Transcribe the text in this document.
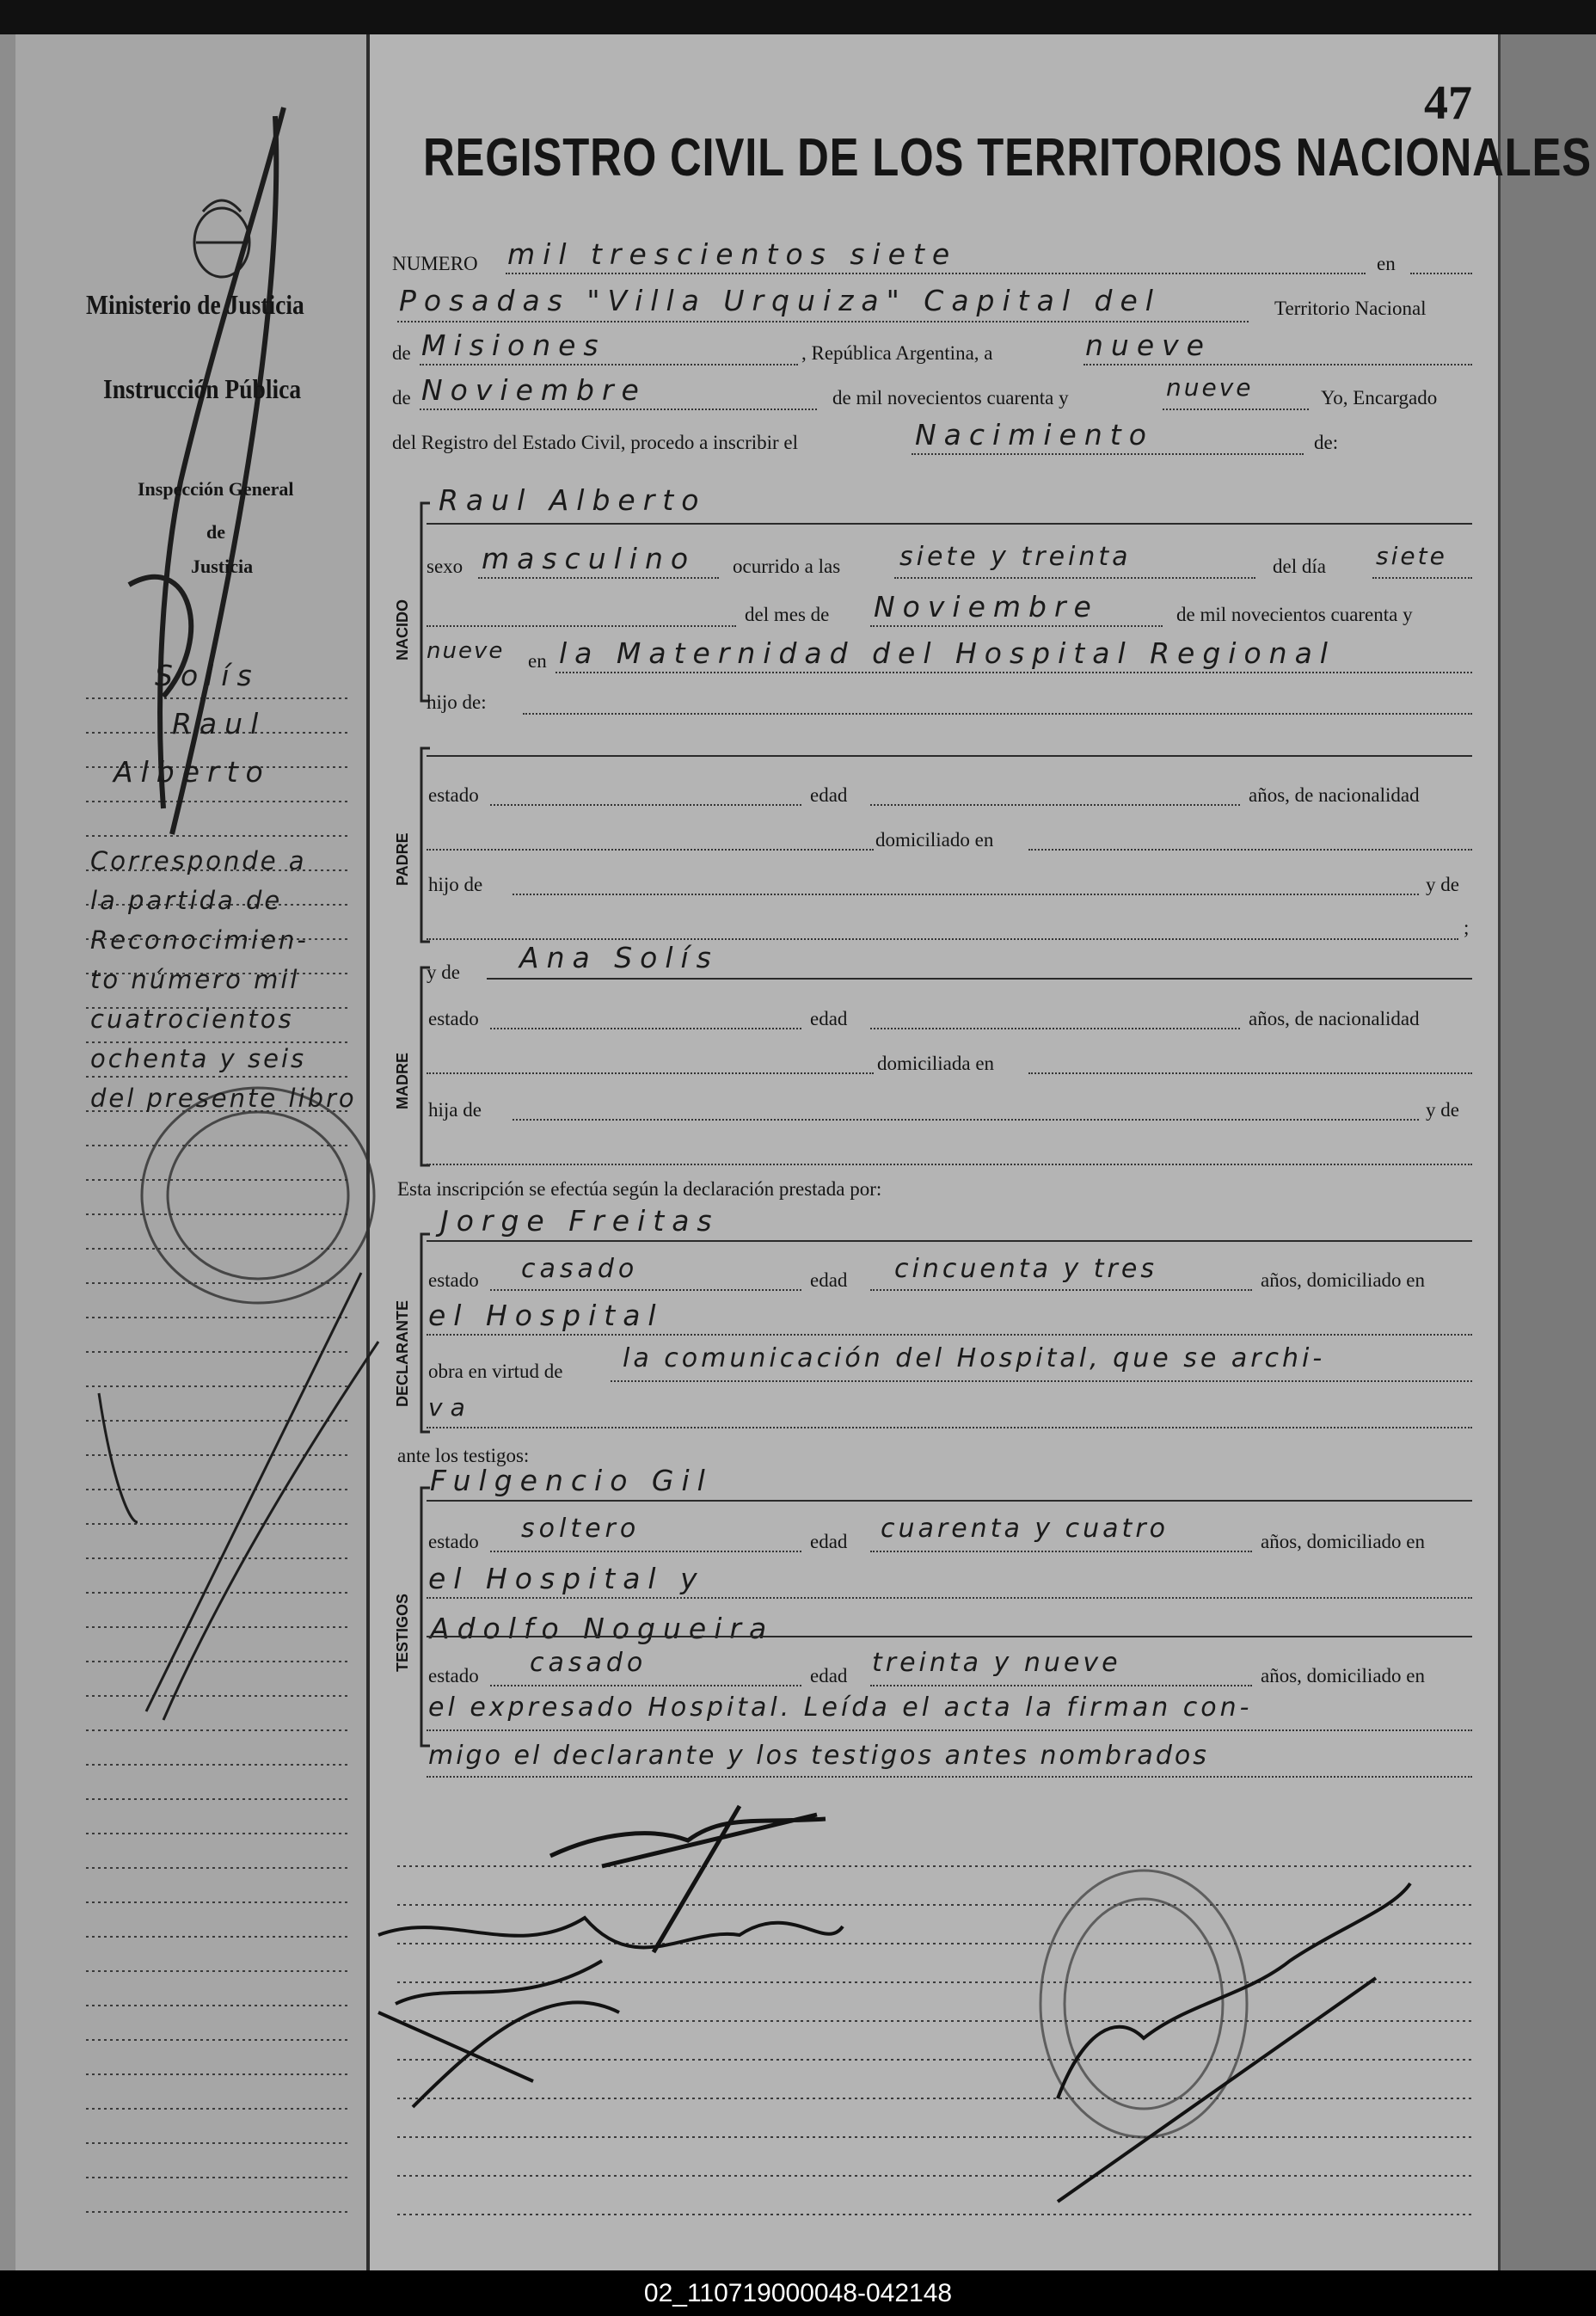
47
REGISTRO CIVIL DE LOS TERRITORIOS NACIONALES
Ministerio de Justicia
Instrucción Pública
Inspección General
de
Justicia
Solís
Raul
Alberto
Corresponde a
la partida de
Reconocimien-
to número mil
cuatrocientos
ochenta y seis
del presente libro
NUMERO mil trescientos siete	en
Posadas "Villa Urquiza" Capital del	Territorio Nacional
de Misiones	, República Argentina, a	nueve
de Noviembre	de mil novecientos cuarenta y	nueve	Yo, Encargado
del Registro del Estado Civil, procedo a inscribir el	Nacimiento	de:
NACIDO
Raul Alberto
sexo masculino ocurrido a las siete y treinta	del día siete
del mes de Noviembre	de mil novecientos cuarenta y
nueve en la Maternidad del Hospital Regional
hijo de:
PADRE
estado	edad	años, de nacionalidad
domiciliado en
hijo de	y de
;
y de Ana Solís
MADRE
estado	edad	años, de nacionalidad
domiciliada en
hija de	y de
Esta inscripción se efectúa según la declaración prestada por:
Jorge Freitas
DECLARANTE
estado casado	edad cincuenta y tres	años, domiciliado en
el Hospital
obra en virtud de la comunicación del Hospital, que se archi-
va
ante los testigos:
Fulgencio Gil
TESTIGOS
estado soltero	edad cuarenta y cuatro	años, domiciliado en
el Hospital y
Adolfo Nogueira
estado casado	edad treinta y nueve	años, domiciliado en
el expresado Hospital. Leída el acta la firman con-
migo el declarante y los testigos antes nombrados
02_110719000048-042148
